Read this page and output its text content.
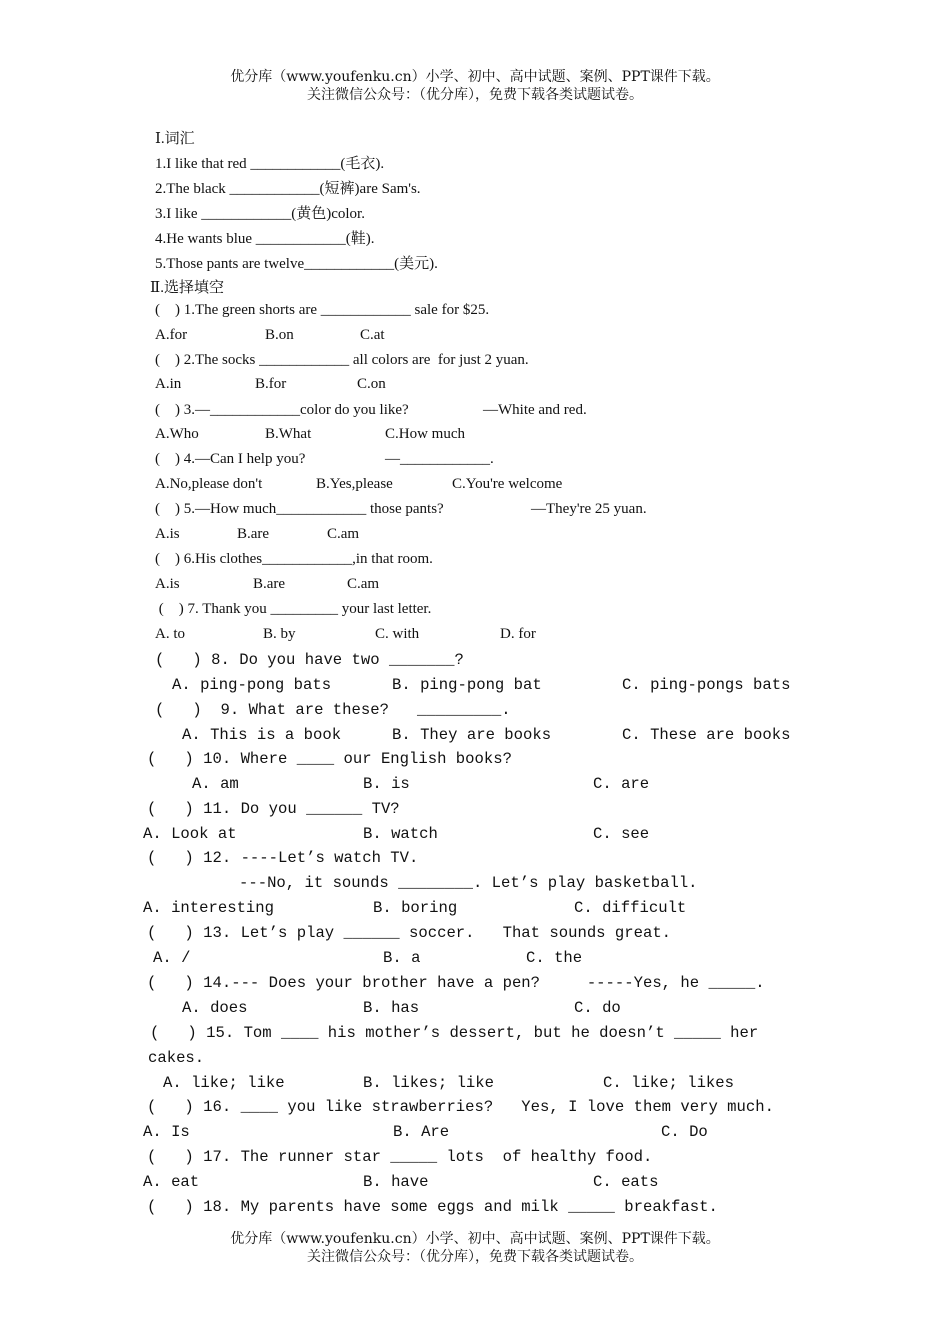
优分库（www.youfenku.cn）小学、初中、高中试题、案例、PPT课件下载。
关注微信公众号：（优分库），免费下载各类试题试卷。
Ⅰ.词汇
1.I like that red ____________(毛衣).
2.The black ____________(短裤)are Sam's.
3.I like ____________(黄色)color.
4.He wants blue ____________(鞋).
5.Those pants are twelve____________(美元).
Ⅱ.选择填空
(    ) 1.The green shorts are ____________ sale for $25.
A.for	B.on	C.at
(    ) 2.The socks ____________ all colors are  for just 2 yuan.
A.in	B.for	C.on
(    ) 3.—____________color do you like?	—White and red.
A.Who	B.What	C.How much
(    ) 4.—Can I help you?	—____________.
A.No,please don't	B.Yes,please	C.You're welcome
(    ) 5.—How much____________ those pants?	—They're 25 yuan.
A.is	B.are	C.am
(    ) 6.His clothes____________,in that room.
A.is	B.are	C.am
(    ) 7. Thank you _________ your last letter.
A. to	B. by	C. with	D. for
(   ) 8. Do you have two _______?
A. ping-pong bats	B. ping-pong bat	C. ping-pongs bats
(   )  9. What are these?   _________.
A. This is a book	B. They are books	C. These are books
(   ) 10. Where ____ our English books?
A. am	B. is	C. are
(   ) 11. Do you ______ TV?
A. Look at	B. watch	C. see
(   ) 12. ----Let’s watch TV.
---No, it sounds ________. Let’s play basketball.
A. interesting	B. boring	C. difficult
(   ) 13. Let’s play ______ soccer.   That sounds great.
A. /	B. a	C. the
(   ) 14.--- Does your brother have a pen?     -----Yes, he _____.
A. does	B. has	C. do
(   ) 15. Tom ____ his mother’s dessert, but he doesn’t _____ her
cakes.
A. like; like	B. likes; like	C. like; likes
(   ) 16. ____ you like strawberries?   Yes, I love them very much.
A. Is	B. Are	C. Do
(   ) 17. The runner star _____ lots  of healthy food.
A. eat	B. have	C. eats
(   ) 18. My parents have some eggs and milk _____ breakfast.
优分库（www.youfenku.cn）小学、初中、高中试题、案例、PPT课件下载。
关注微信公众号：（优分库），免费下载各类试题试卷。
